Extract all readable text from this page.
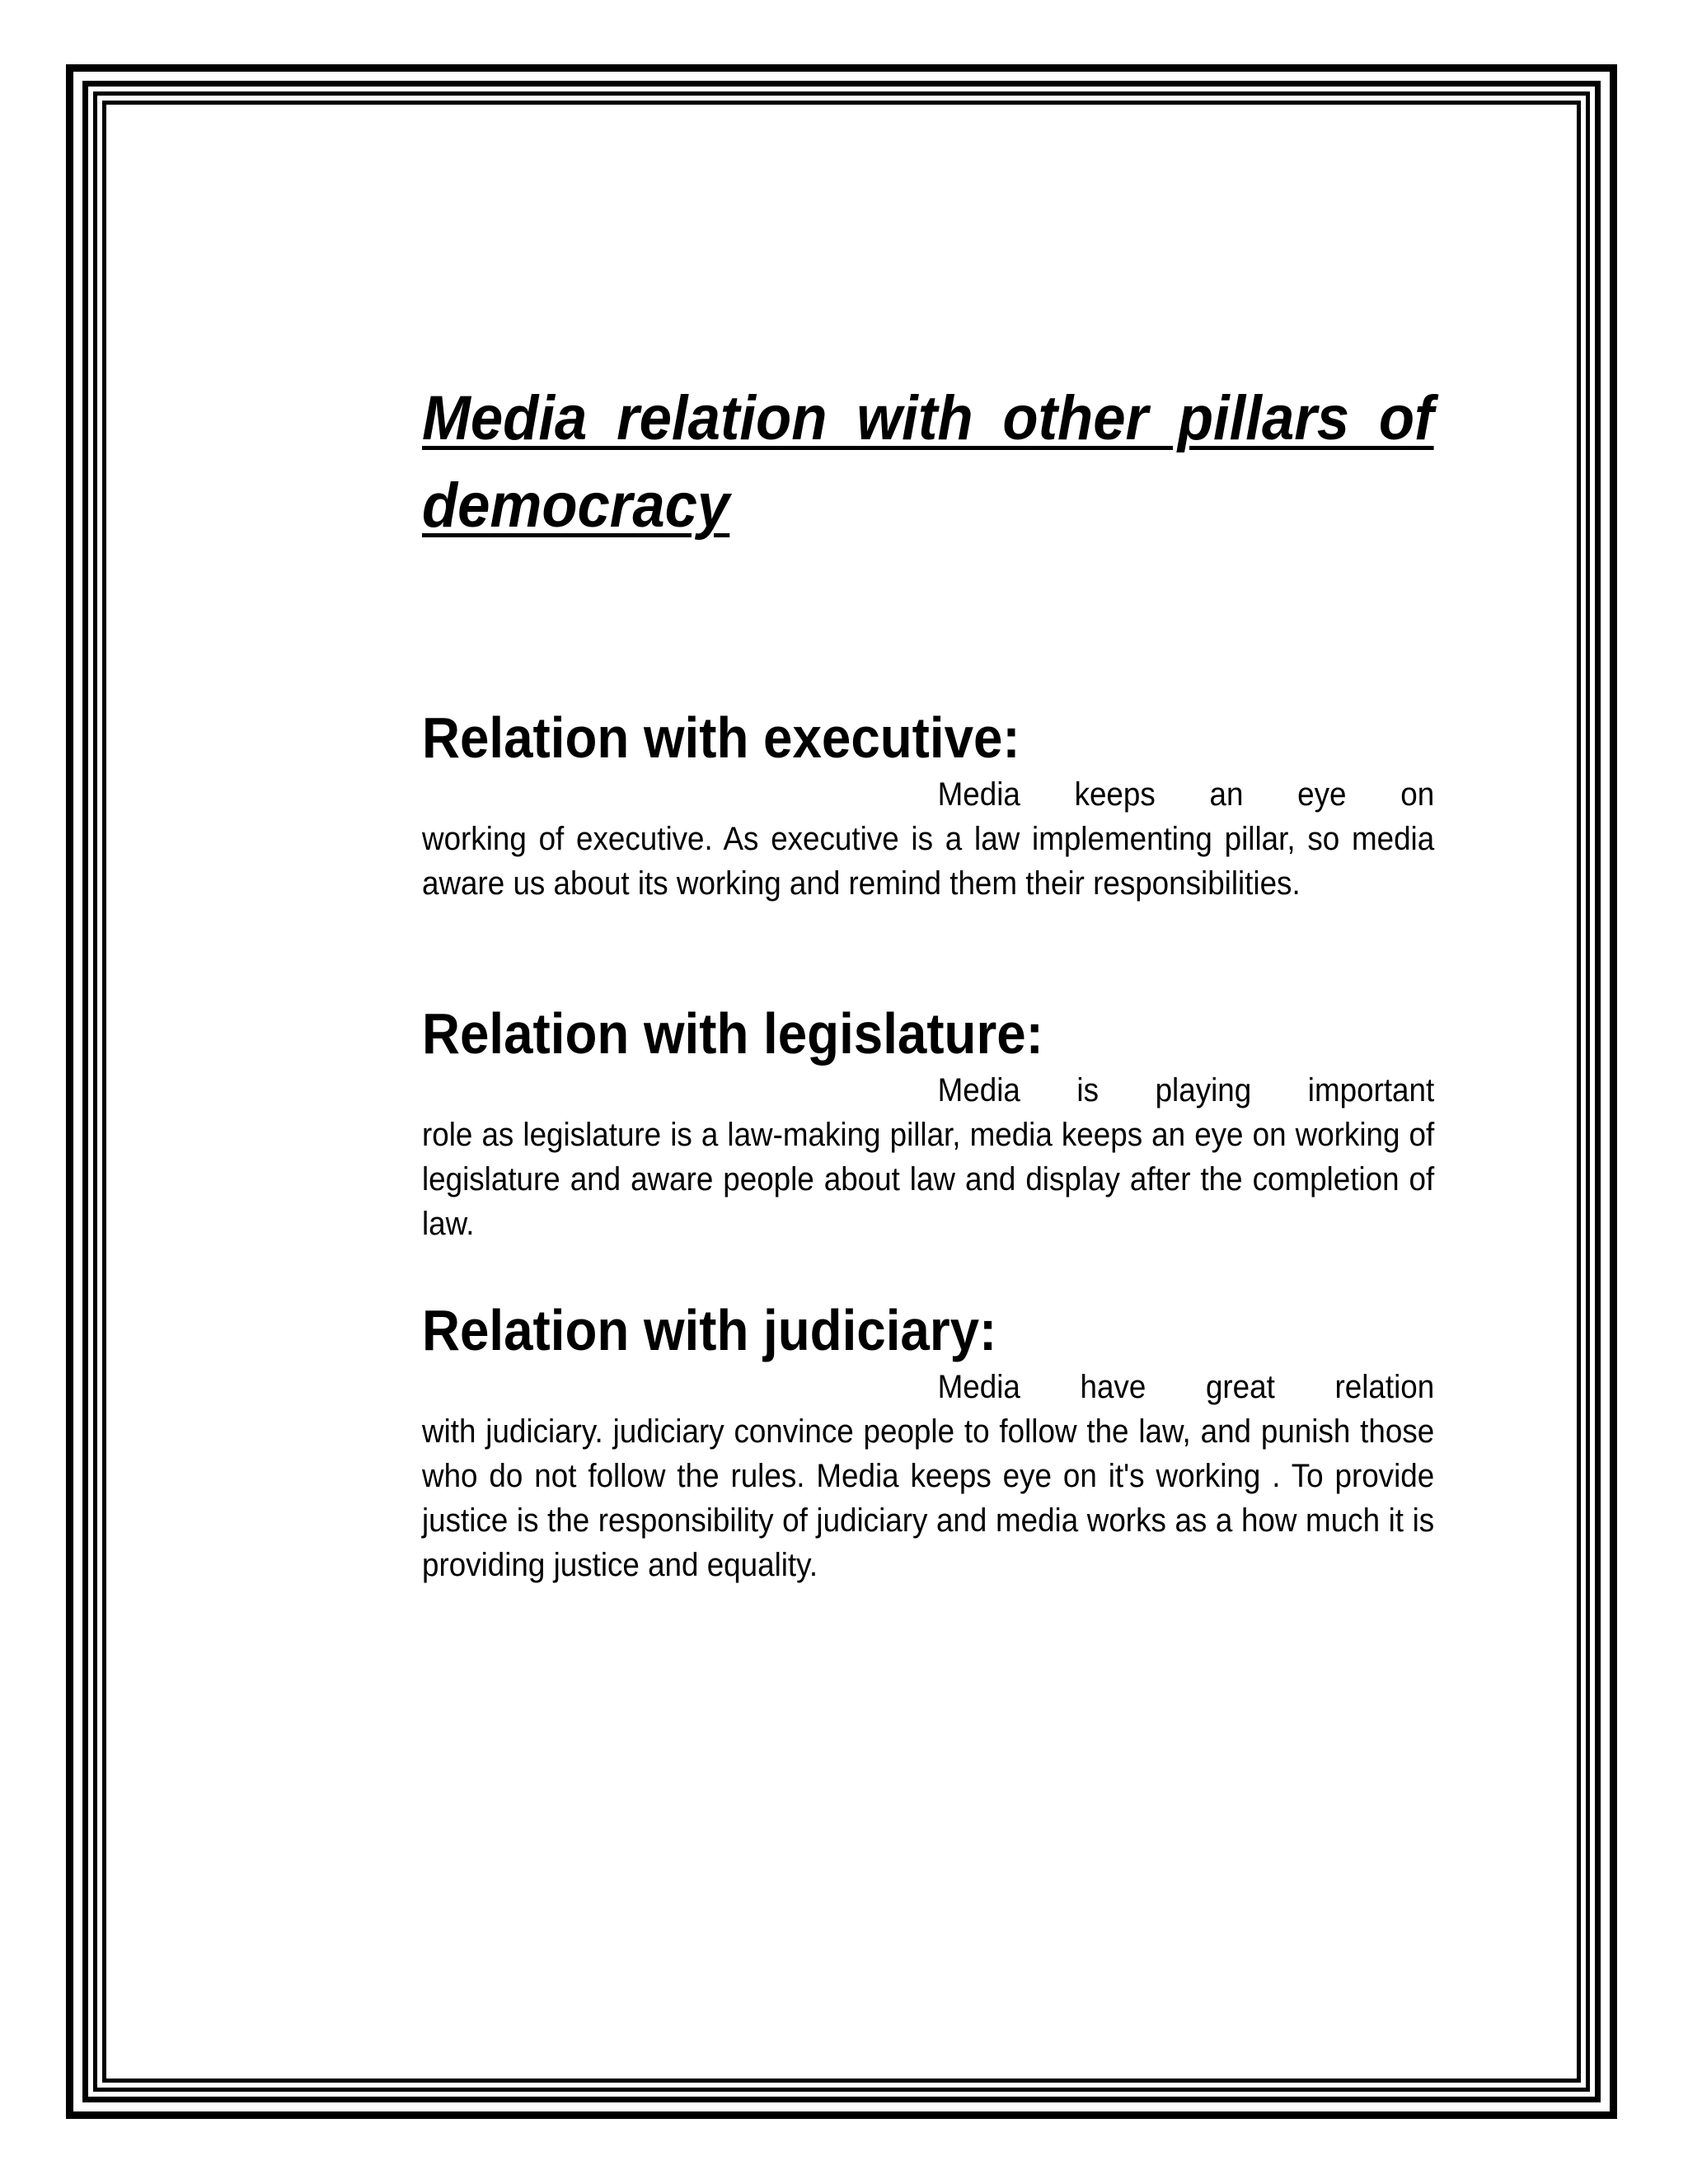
Media relation with other pillars of democracy
Relation with executive:

Media keeps an eye on
working of executive. As executive is a law implementing pillar, so media aware us about its working and remind them their responsibilities.

Relation with legislature:

Media is playing important
role as legislature is a law-making pillar, media keeps an eye on working of legislature and aware people about law and display after the completion of law.

Relation with judiciary:

Media have great relation
with judiciary. judiciary convince people to follow the law, and punish those who do not follow the rules. Media keeps eye on it's working . To provide justice is the responsibility of judiciary and media works as a how much it is providing justice and equality.
